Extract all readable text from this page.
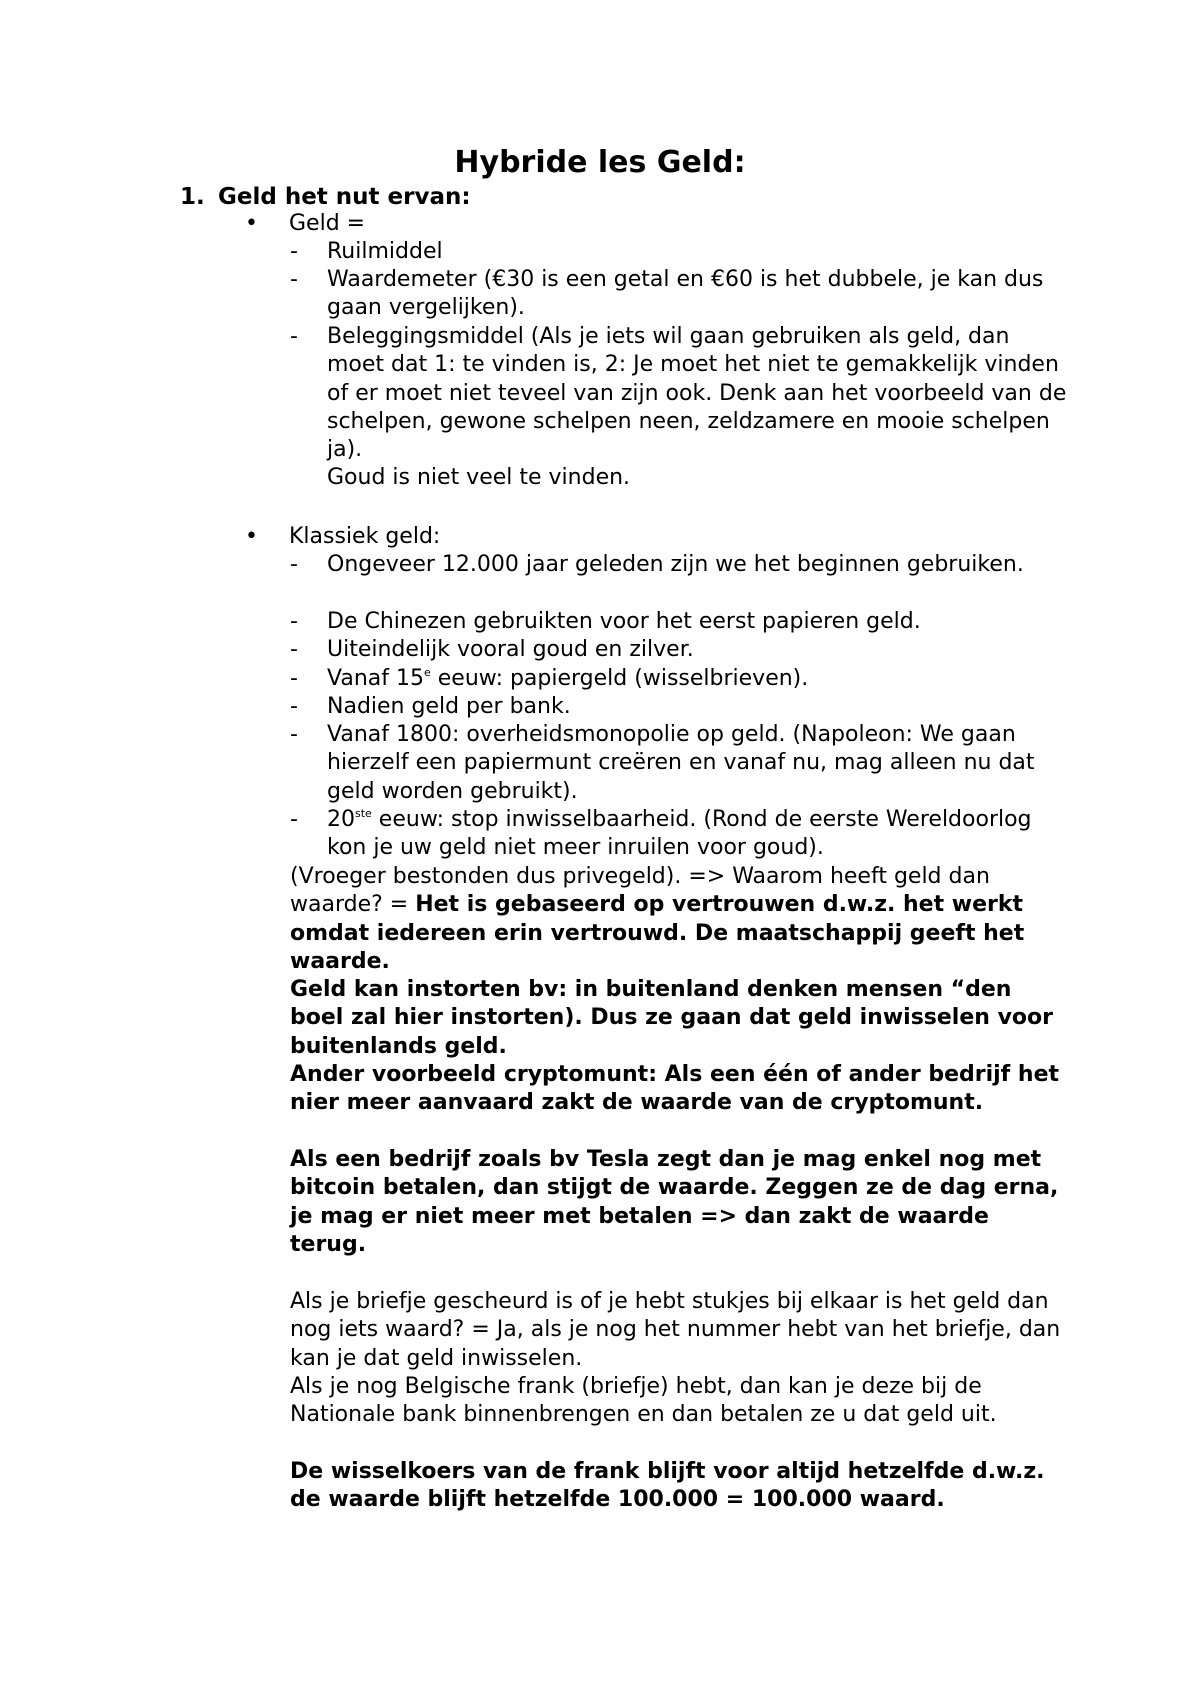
Hybride les Geld:
1. Geld het nut ervan:
• Geld =
- Ruilmiddel
- Waardemeter (€30 is een getal en €60 is het dubbele, je kan dus gaan vergelijken).
- Beleggingsmiddel (Als je iets wil gaan gebruiken als geld, dan moet dat 1: te vinden is, 2: Je moet het niet te gemakkelijk vinden of er moet niet teveel van zijn ook. Denk aan het voorbeeld van de schelpen, gewone schelpen neen, zeldzamere en mooie schelpen ja).
Goud is niet veel te vinden.
• Klassiek geld:
- Ongeveer 12.000 jaar geleden zijn we het beginnen gebruiken.
- De Chinezen gebruikten voor het eerst papieren geld.
- Uiteindelijk vooral goud en zilver.
- Vanaf 15e eeuw: papiergeld (wisselbrieven).
- Nadien geld per bank.
- Vanaf 1800: overheidsmonopolie op geld. (Napoleon: We gaan hierzelf een papiermunt creëren en vanaf nu, mag alleen nu dat geld worden gebruikt).
- 20ste eeuw: stop inwisselbaarheid. (Rond de eerste Wereldoorlog kon je uw geld niet meer inruilen voor goud).
(Vroeger bestonden dus privegeld). => Waarom heeft geld dan waarde? = Het is gebaseerd op vertrouwen d.w.z. het werkt omdat iedereen erin vertrouwd. De maatschappij geeft het waarde.
Geld kan instorten bv: in buitenland denken mensen “den boel zal hier instorten). Dus ze gaan dat geld inwisselen voor buitenlands geld.
Ander voorbeeld cryptomunt: Als een één of ander bedrijf het nier meer aanvaard zakt de waarde van de cryptomunt.
Als een bedrijf zoals bv Tesla zegt dan je mag enkel nog met bitcoin betalen, dan stijgt de waarde. Zeggen ze de dag erna, je mag er niet meer met betalen => dan zakt de waarde terug.
Als je briefje gescheurd is of je hebt stukjes bij elkaar is het geld dan nog iets waard? = Ja, als je nog het nummer hebt van het briefje, dan kan je dat geld inwisselen.
Als je nog Belgische frank (briefje) hebt, dan kan je deze bij de Nationale bank binnenbrengen en dan betalen ze u dat geld uit.
De wisselkoers van de frank blijft voor altijd hetzelfde d.w.z. de waarde blijft hetzelfde 100.000 = 100.000 waard.
